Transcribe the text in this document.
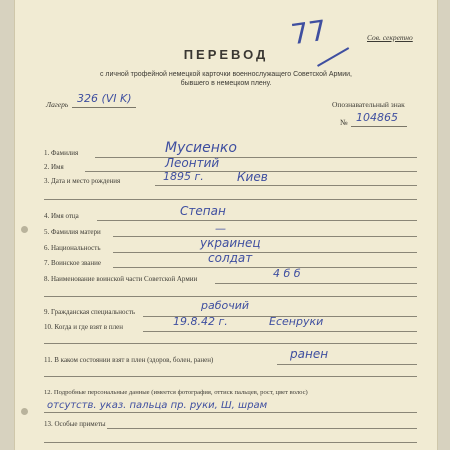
77	Сов. секретно
ПЕРЕВОД
с личной трофейной немецкой карточки военнослужащего Советской Армии,
бывшего в немецком плену.
Лагерь 326 (VI K)	Опознавательный знак
№ 104865
1. Фамилия	Мусиенко
2. Имя	Леонтий
3. Дата и место рождения	1895 г.	Киев
4. Имя отца	Степан
5. Фамилия матери	—
6. Национальность	украинец
7. Воинское звание	солдат
8. Наименование воинской части Советской Армии	4 б б
9. Гражданская специальность	рабочий
10. Когда и где взят в плен	19.8.42 г.	Есенруки
11. В каком состоянии взят в плен (здоров, болен, ранен)	ранен
12. Подробные персональные данные (имеется фотография, оттиск пальцев, рост, цвет волос)
отсутств. указ. пальца пр. руки, Ш, шрам
13. Особые приметы
